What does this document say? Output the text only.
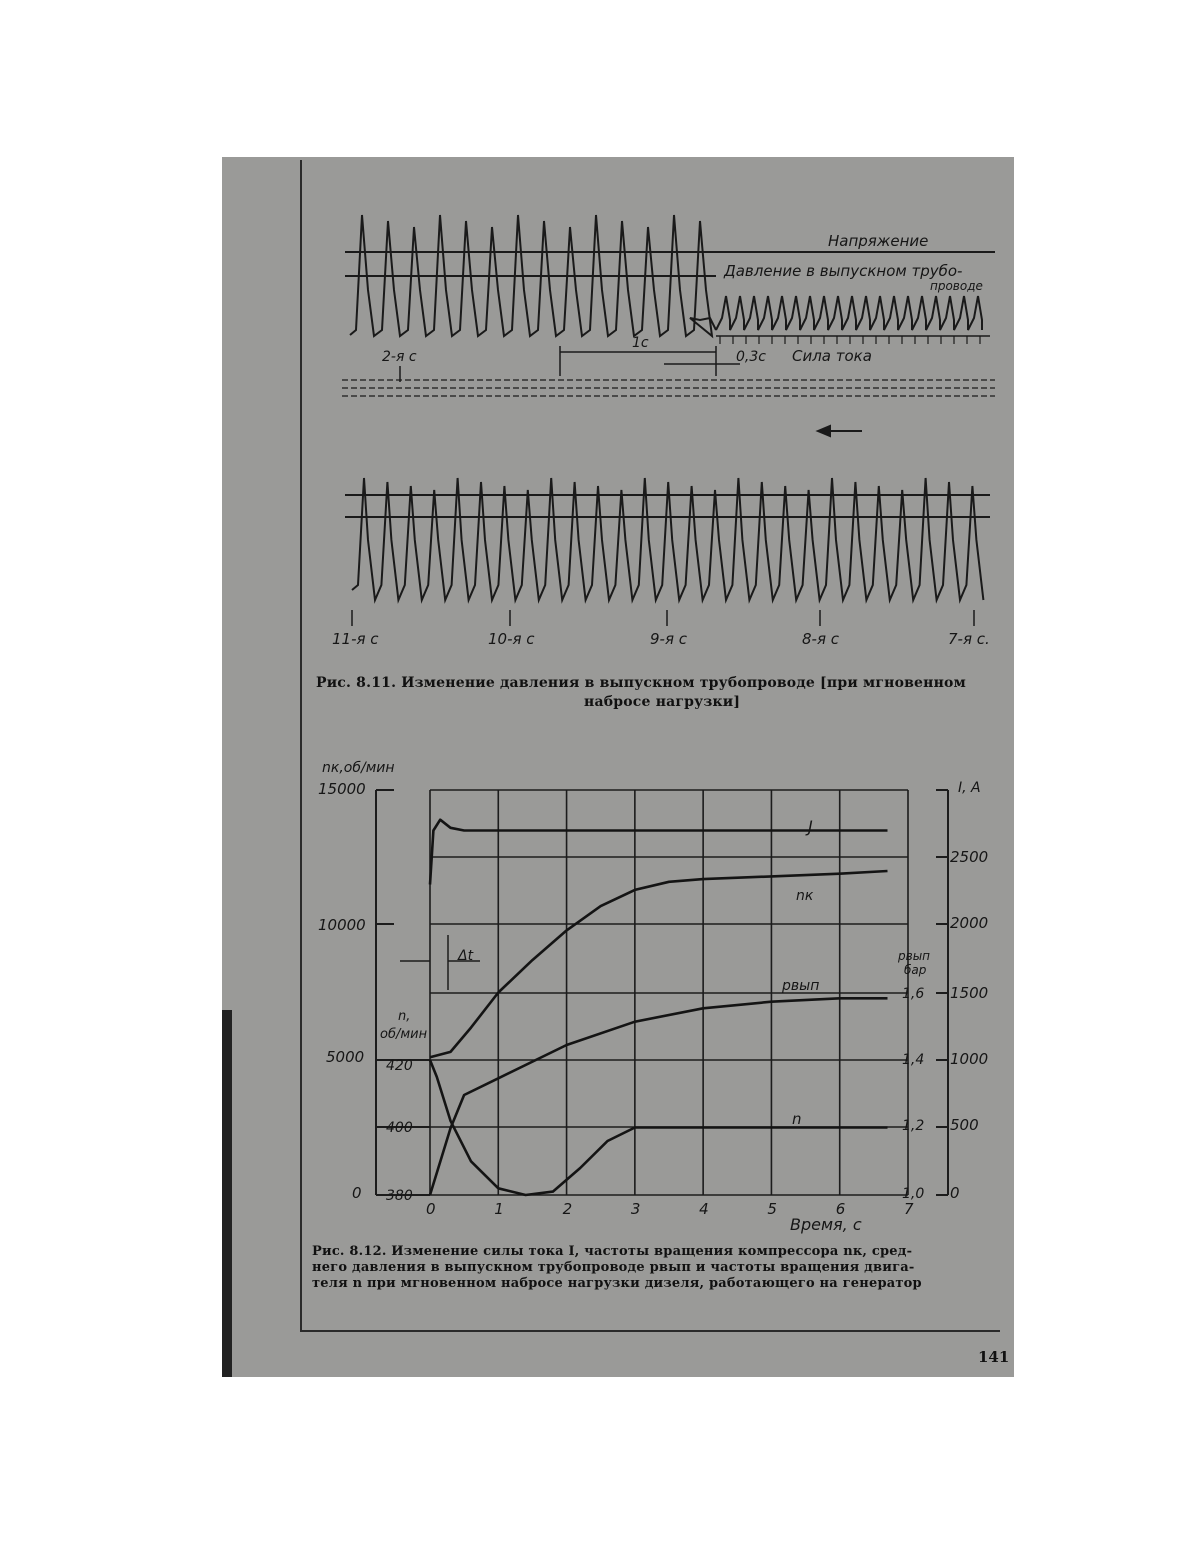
Напряжение
Давление в выпускном трубо-
проводе
Сила тока
1с
0,3с
2-я с
11-я с	10-я с	9-я с	8-я с	7-я с.
Рис. 8.11. Изменение давления в выпускном трубопроводе [при мгновенном
набросе нагрузки]
nк,об/мин
15000
10000
5000
0
n,
об/мин
420
400
380
I, A
2500
2000
1500
1000
500
0
pвып
бар
1,6
1,4
1,2
1,0
0	1	2	3	4	5	6	7
Время, с
Δt
J
nк
pвып
n
Рис. 8.12. Изменение силы тока I, частоты вращения компрессора nк, сред-
него давления в выпускном трубопроводе pвып и частоты вращения двига-
теля n при мгновенном набросе нагрузки дизеля, работающего на генератор
141
